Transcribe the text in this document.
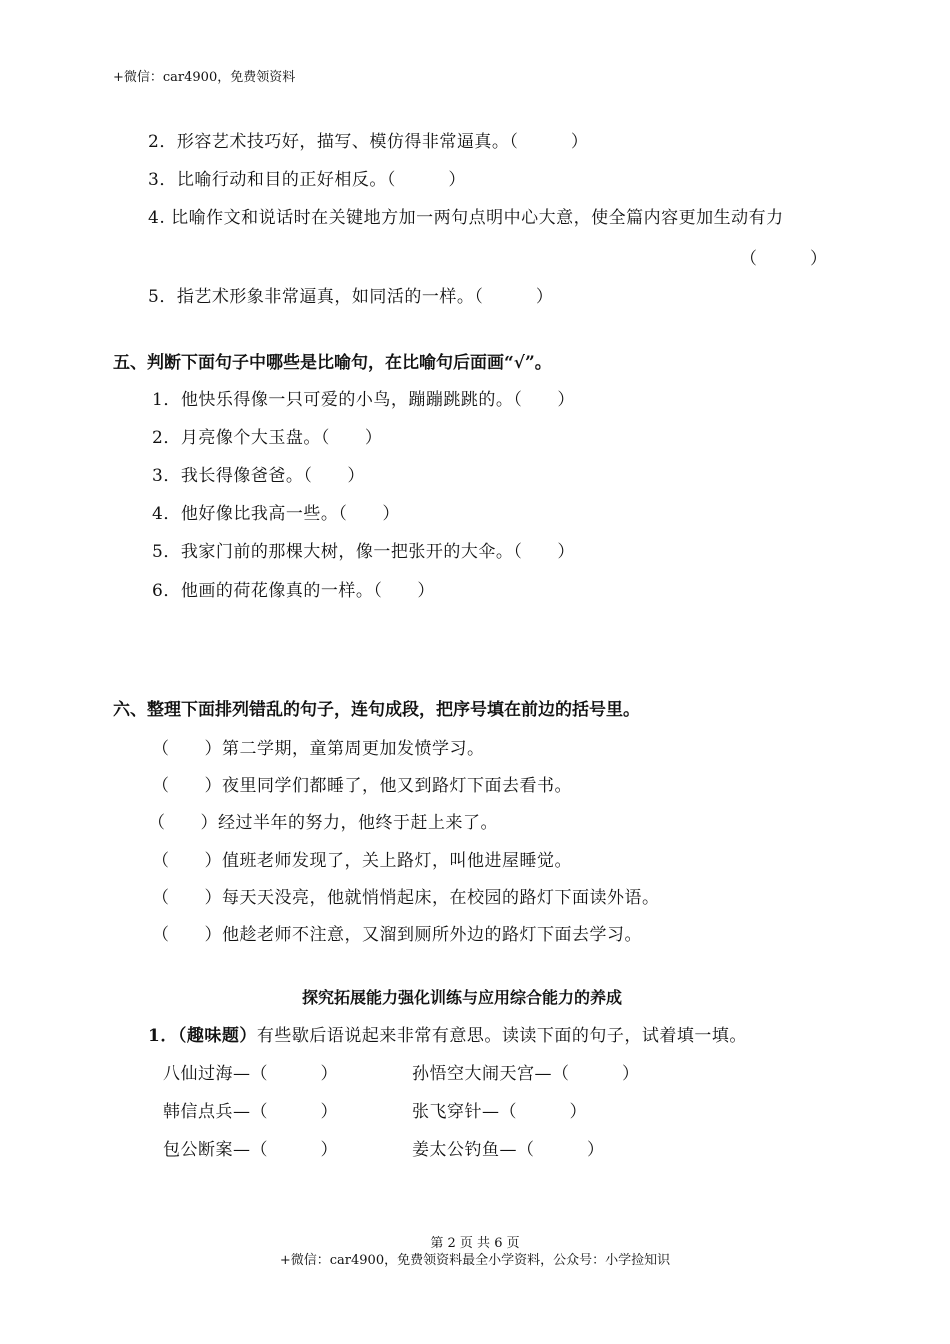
+微信：car4900，免费领资料
2．形容艺术技巧好，描写、模仿得非常逼真。（　　　）
3．比喻行动和目的正好相反。（　　　）
4. 比喻作文和说话时在关键地方加一两句点明中心大意，使全篇内容更加生动有力
（　　　）
5．指艺术形象非常逼真，如同活的一样。（　　　）
五、判断下面句子中哪些是比喻句，在比喻句后面画“√”。
1．他快乐得像一只可爱的小鸟，蹦蹦跳跳的。（　　）
2．月亮像个大玉盘。（　　）
3．我长得像爸爸。（　　）
4．他好像比我高一些。（　　）
5．我家门前的那棵大树，像一把张开的大伞。（　　）
6．他画的荷花像真的一样。（　　）
六、整理下面排列错乱的句子，连句成段，把序号填在前边的括号里。
（　　）第二学期，童第周更加发愤学习。
（　　）夜里同学们都睡了，他又到路灯下面去看书。
（　　）经过半年的努力，他终于赶上来了。
（　　）值班老师发现了，关上路灯，叫他进屋睡觉。
（　　）每天天没亮，他就悄悄起床，在校园的路灯下面读外语。
（　　）他趁老师不注意，又溜到厕所外边的路灯下面去学习。
探究拓展能力强化训练与应用综合能力的养成
1．（趣味题）有些歇后语说起来非常有意思。读读下面的句子，试着填一填。
八仙过海—（　　　）	孙悟空大闹天宫—（　　　）
韩信点兵—（　　　）	张飞穿针—（　　　）
包公断案—（　　　）	姜太公钓鱼—（　　　）
第 2 页 共 6 页
+微信：car4900，免费领资料最全小学资料，公众号：小学捡知识
